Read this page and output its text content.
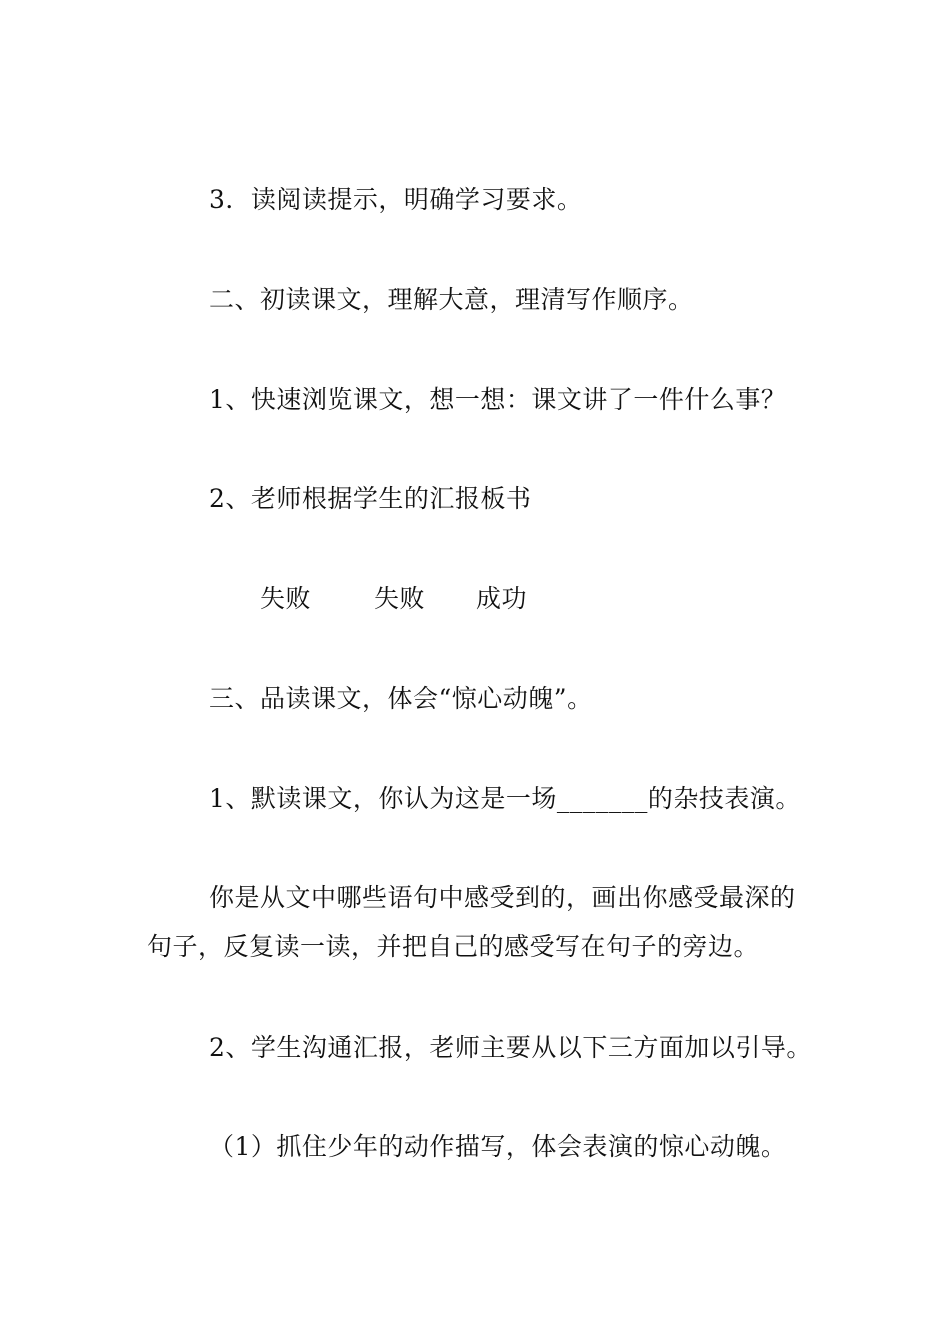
3．读阅读提示，明确学习要求。
二、初读课文，理解大意，理清写作顺序。
1、快速浏览课文，想一想：课文讲了一件什么事？
2、老师根据学生的汇报板书
失败	失败 成功
三、品读课文，体会“惊心动魄”。
1、默读课文，你认为这是一场_______的杂技表演。
你是从文中哪些语句中感受到的，画出你感受最深的
句子，反复读一读，并把自己的感受写在句子的旁边。
2、学生沟通汇报，老师主要从以下三方面加以引导。
（1）抓住少年的动作描写，体会表演的惊心动魄。
